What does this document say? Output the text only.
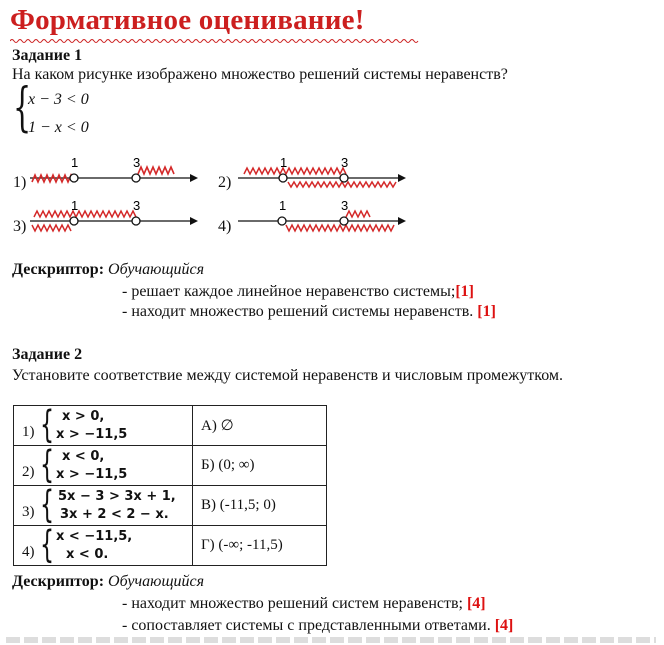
Формативное оценивание!
Задание 1
На каком рисунке изображено множество решений системы неравенств?
{
x − 3 < 0
1 − x < 0
1)
1	3
2)
1	3
3)
1	3
4)
1	3
Дескриптор: Обучающийся
- решает каждое линейное неравенство системы;[1]
- находит множество решений системы неравенств. [1]
Задание 2
Установите соответствие между системой неравенств и числовым промежутком.
1) { x > 0,
x > −11,5	А) ∅

2) { x < 0,
x > −11,5	Б) (0; ∞)

3) { 5x − 3 > 3x + 1,
3x + 2 < 2 − x.	В) (-11,5; 0)

4) { x < −11,5,
x < 0.	Г) (-∞; -11,5)
Дескриптор: Обучающийся
- находит множество решений систем неравенств; [4]
- сопоставляет системы с представленными ответами. [4]
